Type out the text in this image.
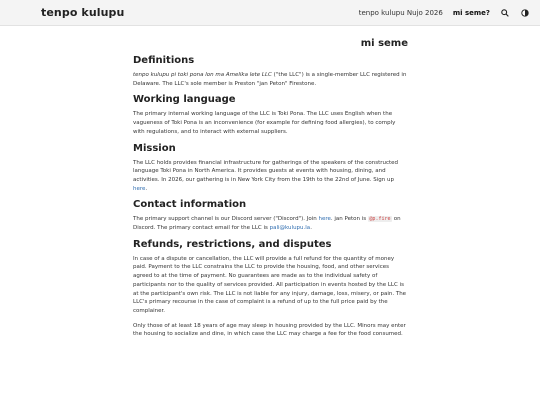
tenpo kulupu	tenpo kulupu Nujo 2026 mi seme?
mi seme
Definitions

tenpo kulupu pi toki pona lon ma Amelika lete LLC ("the LLC") is a single-member LLC registered in Delaware. The LLC's sole member is Preston "jan Peton" Firestone.

Working language

The primary internal working language of the LLC is Toki Pona. The LLC uses English when the vagueness of Toki Pona is an inconvenience (for example for defining food allergies), to comply with regulations, and to interact with external suppliers.

Mission

The LLC holds provides financial infrastructure for gatherings of the speakers of the constructed language Toki Pona in North America. It provides guests at events with housing, dining, and activities. In 2026, our gathering is in New York City from the 19th to the 22nd of June. Sign up here.

Contact information

The primary support channel is our Discord server ("Discord"). Join here. jan Peton is @p.fire on Discord. The primary contact email for the LLC is pali@kulupu.la.

Refunds, restrictions, and disputes

In case of a dispute or cancellation, the LLC will provide a full refund for the quantity of money paid. Payment to the LLC constrains the LLC to provide the housing, food, and other services agreed to at the time of payment. No guarantees are made as to the individual safety of participants nor to the quality of services provided. All participation in events hosted by the LLC is at the participant's own risk. The LLC is not liable for any injury, damage, loss, misery, or pain. The LLC's primary recourse in the case of complaint is a refund of up to the full price paid by the complainer.

Only those of at least 18 years of age may sleep in housing provided by the LLC. Minors may enter the housing to socialize and dine, in which case the LLC may charge a fee for the food consumed.
